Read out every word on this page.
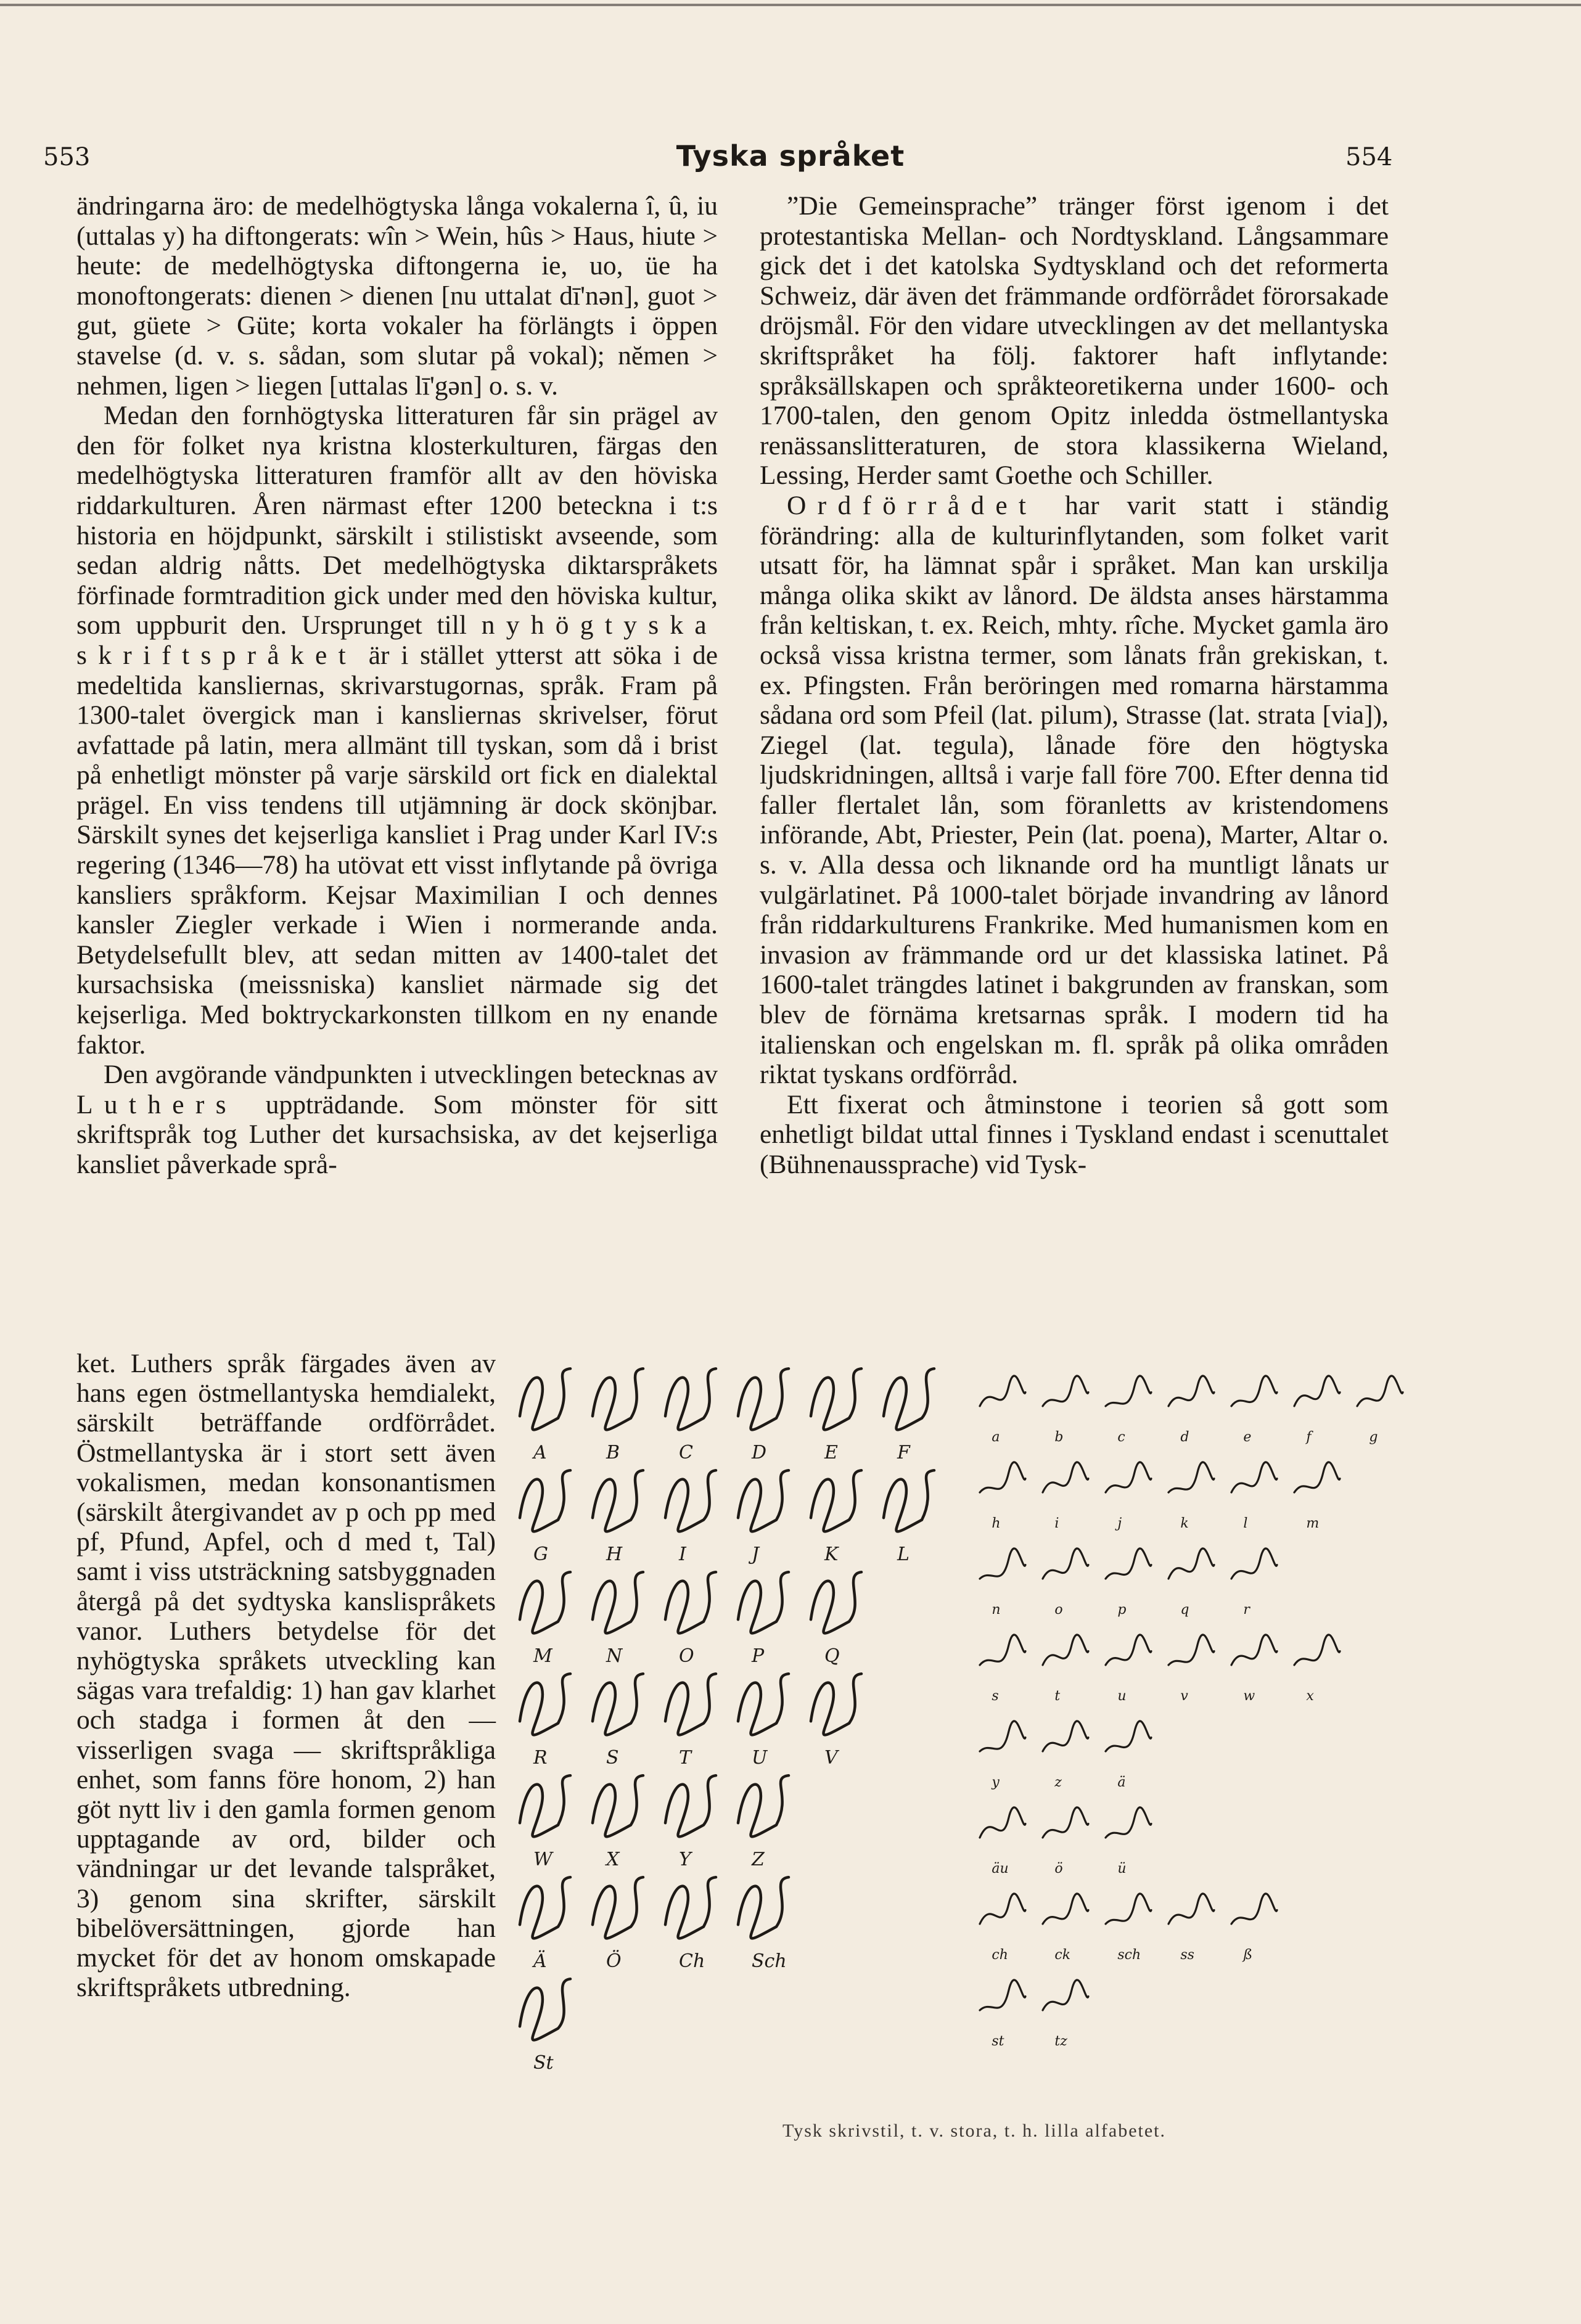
553	Tyska språket	554

ändringarna äro: de medelhögtyska långa vokalerna î, û, iu (uttalas y) ha diftongerats: wîn > Wein, hûs > Haus, hiute > heute: de medelhögtyska diftongerna ie, uo, üe ha monoftongerats: dienen > dienen [nu uttalat dī'nən], guot > gut, güete > Güte; korta vokaler ha förlängts i öppen stavelse (d. v. s. sådan, som slutar på vokal); nĕmen > nehmen, ligen > liegen [uttalas lī'gən] o. s. v.

Medan den fornhögtyska litteraturen får sin prägel av den för folket nya kristna klosterkulturen, färgas den medelhögtyska litteraturen framför allt av den höviska riddarkulturen. Åren närmast efter 1200 beteckna i t:s historia en höjdpunkt, särskilt i stilistiskt avseende, som sedan aldrig nåtts. Det medelhögtyska diktarspråkets förfinade formtradition gick under med den höviska kultur, som uppburit den. Ursprunget till nyhögtyska skriftspråket är i stället ytterst att söka i de medeltida kansliernas, skrivarstugornas, språk. Fram på 1300-talet övergick man i kansliernas skrivelser, förut avfattade på latin, mera allmänt till tyskan, som då i brist på enhetligt mönster på varje särskild ort fick en dialektal prägel. En viss tendens till utjämning är dock skönjbar. Särskilt synes det kejserliga kansliet i Prag under Karl IV:s regering (1346—78) ha utövat ett visst inflytande på övriga kansliers språkform. Kejsar Maximilian I och dennes kansler Ziegler verkade i Wien i normerande anda. Betydelsefullt blev, att sedan mitten av 1400-talet det kursachsiska (meissniska) kansliet närmade sig det kejserliga. Med boktryckarkonsten tillkom en ny enande faktor.

Den avgörande vändpunkten i utvecklingen betecknas av Luthers uppträdande. Som mönster för sitt skriftspråk tog Luther det kursachsiska, av det kejserliga kansliet påverkade språ-

ket. Luthers språk färgades även av hans egen östmellantyska hemdialekt, särskilt beträffande ordförrådet. Östmellantyska är i stort sett även vokalismen, medan konsonantismen (särskilt återgivandet av p och pp med pf, Pfund, Apfel, och d med t, Tal) samt i viss utsträckning satsbyggnaden återgå på det sydtyska kanslispråkets vanor. Luthers betydelse för det nyhögtyska språkets utveckling kan sägas vara trefaldig: 1) han gav klarhet och stadga i formen åt den — visserligen svaga — skriftspråkliga enhet, som fanns före honom, 2) han göt nytt liv i den gamla formen genom upptagande av ord, bilder och vändningar ur det levande talspråket, 3) genom sina skrifter, särskilt bibelöversättningen, gjorde han mycket för det av honom omskapade skriftspråkets utbredning.

”Die Gemeinsprache” tränger först igenom i det protestantiska Mellan- och Nordtyskland. Långsammare gick det i det katolska Sydtyskland och det reformerta Schweiz, där även det främmande ordförrådet förorsakade dröjsmål. För den vidare utvecklingen av det mellantyska skriftspråket ha följ. faktorer haft inflytande: språksällskapen och språkteoretikerna under 1600- och 1700-talen, den genom Opitz inledda östmellantyska renässanslitteraturen, de stora klassikerna Wieland, Lessing, Herder samt Goethe och Schiller.

Ordförrådet har varit statt i ständig förändring: alla de kulturinflytanden, som folket varit utsatt för, ha lämnat spår i språket. Man kan urskilja många olika skikt av lånord. De äldsta anses härstamma från keltiskan, t. ex. Reich, mhty. rîche. Mycket gamla äro också vissa kristna termer, som lånats från grekiskan, t. ex. Pfingsten. Från beröringen med romarna härstamma sådana ord som Pfeil (lat. pilum), Strasse (lat. strata [via]), Ziegel (lat. tegula), lånade före den högtyska ljudskridningen, alltså i varje fall före 700. Efter denna tid faller flertalet lån, som föranletts av kristendomens införande, Abt, Priester, Pein (lat. poena), Marter, Altar o. s. v. Alla dessa och liknande ord ha muntligt lånats ur vulgärlatinet. På 1000-talet började invandring av lånord från riddarkulturens Frankrike. Med humanismen kom en invasion av främmande ord ur det klassiska latinet. På 1600-talet trängdes latinet i bakgrunden av franskan, som blev de förnäma kretsarnas språk. I modern tid ha italienskan och engelskan m. fl. språk på olika områden riktat tyskans ordförråd.

Ett fixerat och åtminstone i teorien så gott som enhetligt bildat uttal finnes i Tyskland endast i scenuttalet (Bühnenaussprache) vid Tysk-

A	B	C	D	E	F
G	H	I	J	K	L
M	N	O	P	Q
R	S	T	U	V
W	X	Y	Z
Ä	Ö	Ch	Sch
St
a	b	c	d	e	f	g
h	i	j	k	l	m
n	o	p	q	r
s	t	u	v	w	x
y	z	ä
äu	ö	ü
ch	ck	sch	ss	ß
st	tz
Tysk skrivstil, t. v. stora, t. h. lilla alfabetet.
